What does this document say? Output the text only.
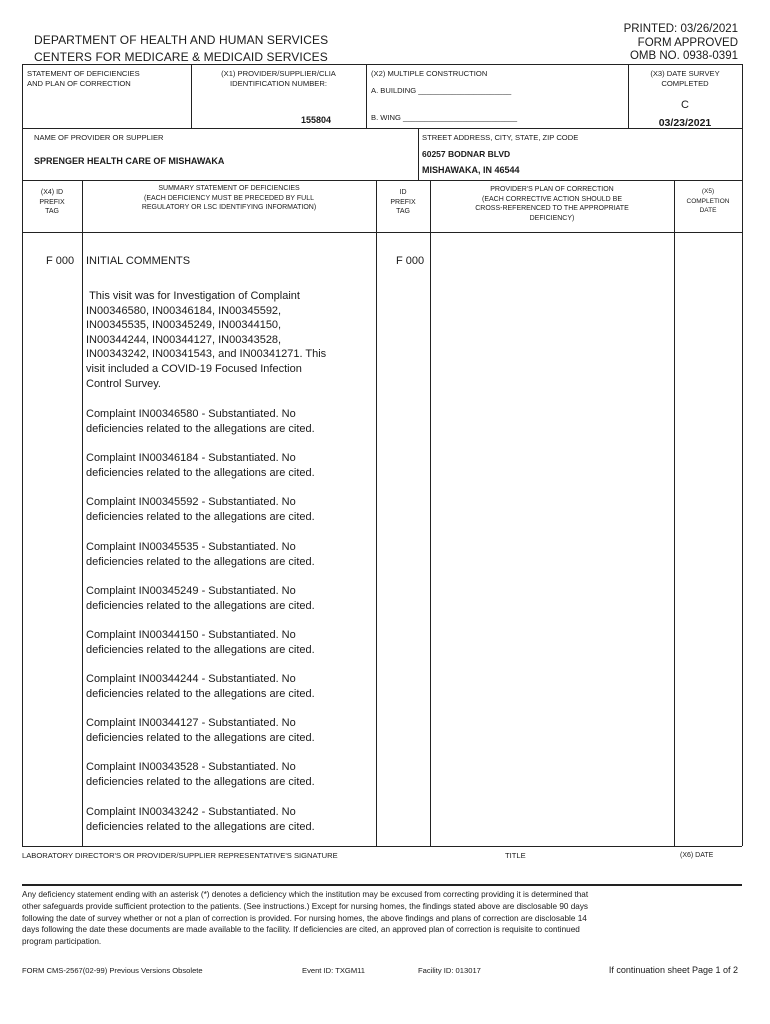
DEPARTMENT OF HEALTH AND HUMAN SERVICES
CENTERS FOR MEDICARE & MEDICAID SERVICES
PRINTED: 03/26/2021
FORM APPROVED
OMB NO. 0938-0391
STATEMENT OF DEFICIENCIES
AND PLAN OF CORRECTION
(X1) PROVIDER/SUPPLIER/CLIA
IDENTIFICATION NUMBER:
155804
(X2) MULTIPLE CONSTRUCTION
A. BUILDING ______________________
B. WING ___________________________
(X3) DATE SURVEY
COMPLETED
C
03/23/2021
NAME OF PROVIDER OR SUPPLIER
SPRENGER HEALTH CARE OF MISHAWAKA
STREET ADDRESS, CITY, STATE, ZIP CODE
60257 BODNAR BLVD
MISHAWAKA, IN 46544
(X4) ID
PREFIX
TAG
SUMMARY STATEMENT OF DEFICIENCIES
(EACH DEFICIENCY MUST BE PRECEDED BY FULL
REGULATORY OR LSC IDENTIFYING INFORMATION)
ID
PREFIX
TAG
PROVIDER'S PLAN OF CORRECTION
(EACH CORRECTIVE ACTION SHOULD BE
CROSS-REFERENCED TO THE APPROPRIATE
DEFICIENCY)
(X5)
COMPLETION
DATE
F 000	F 000
INITIAL COMMENTS
This visit was for Investigation of Complaint
IN00346580, IN00346184, IN00345592,
IN00345535, IN00345249, IN00344150,
IN00344244, IN00344127, IN00343528,
IN00343242, IN00341543, and IN00341271. This
visit included a COVID-19 Focused Infection
Control Survey.
Complaint IN00346580 - Substantiated. No
deficiencies related to the allegations are cited.
Complaint IN00346184 - Substantiated. No
deficiencies related to the allegations are cited.
Complaint IN00345592 - Substantiated. No
deficiencies related to the allegations are cited.
Complaint IN00345535 - Substantiated. No
deficiencies related to the allegations are cited.
Complaint IN00345249 - Substantiated. No
deficiencies related to the allegations are cited.
Complaint IN00344150 - Substantiated. No
deficiencies related to the allegations are cited.
Complaint IN00344244 - Substantiated. No
deficiencies related to the allegations are cited.
Complaint IN00344127 - Substantiated. No
deficiencies related to the allegations are cited.
Complaint IN00343528 - Substantiated. No
deficiencies related to the allegations are cited.
Complaint IN00343242 - Substantiated. No
deficiencies related to the allegations are cited.
LABORATORY DIRECTOR'S OR PROVIDER/SUPPLIER REPRESENTATIVE'S SIGNATURE	TITLE	(X6) DATE
Any deficiency statement ending with an asterisk (*) denotes a deficiency which the institution may be excused from correcting providing it is determined that
other safeguards provide sufficient protection to the patients. (See instructions.) Except for nursing homes, the findings stated above are disclosable 90 days
following the date of survey whether or not a plan of correction is provided. For nursing homes, the above findings and plans of correction are disclosable 14
days following the date these documents are made available to the facility. If deficiencies are cited, an approved plan of correction is requisite to continued
program participation.
FORM CMS-2567(02-99) Previous Versions Obsolete	Event ID: TXGM11	Facility ID: 013017	If continuation sheet Page 1 of 2
